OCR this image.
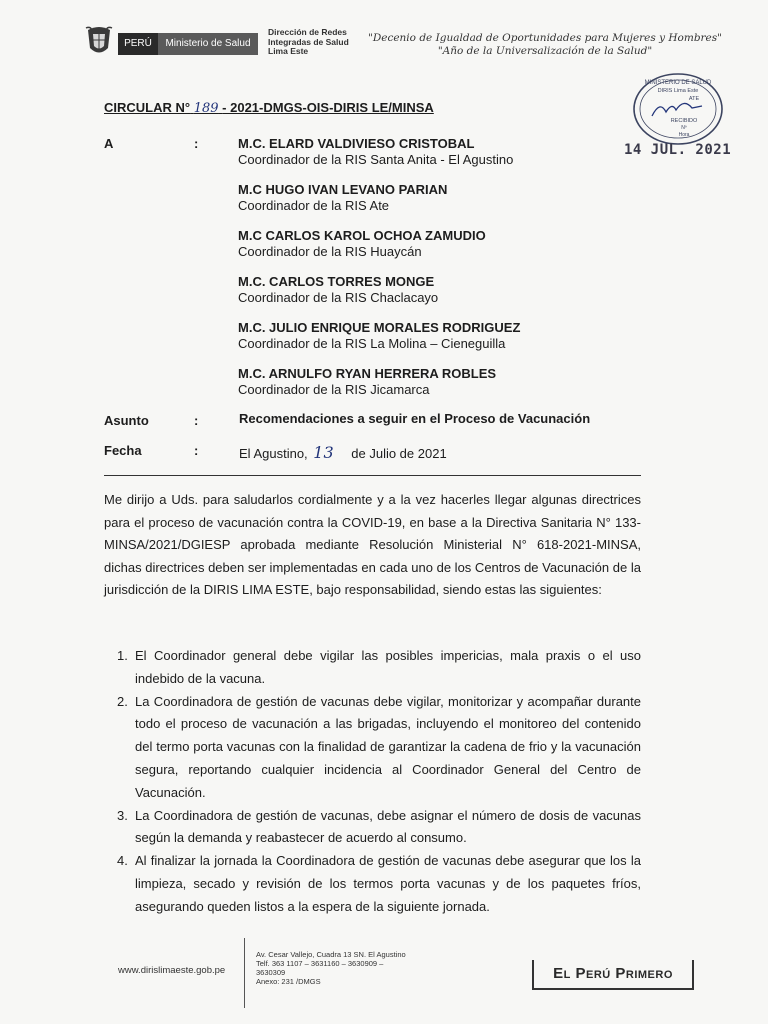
PERÚ	Ministerio de Salud
Dirección de Redes
Integradas de Salud
Lima Este
"Decenio de Igualdad de Oportunidades para Mujeres y Hombres"
"Año de la Universalización de la Salud"
CIRCULAR N° 189 - 2021-DMGS-OIS-DIRIS LE/MINSA
MINISTERIO DE SALUD
DIRIS Lima Este
ATE
RECIBIDO
Nº
Hora
14 JUL. 2021
A	:	M.C. ELARD VALDIVIESO CRISTOBAL
Coordinador de la RIS Santa Anita - El Agustino
M.C HUGO IVAN LEVANO PARIAN
Coordinador de la RIS Ate
M.C CARLOS KAROL OCHOA ZAMUDIO
Coordinador de la RIS Huaycán
M.C. CARLOS TORRES MONGE
Coordinador de la RIS Chaclacayo
M.C. JULIO ENRIQUE MORALES RODRIGUEZ
Coordinador de la RIS La Molina – Cieneguilla
M.C. ARNULFO RYAN HERRERA ROBLES
Coordinador de la RIS Jicamarca
Asunto	:	Recomendaciones a seguir en el Proceso de Vacunación
Fecha	:	El Agustino, 13 de Julio de 2021
Me dirijo a Uds. para saludarlos cordialmente y a la vez hacerles llegar algunas directrices para el proceso de vacunación contra la COVID-19, en base a la Directiva Sanitaria N° 133-MINSA/2021/DGIESP aprobada mediante Resolución Ministerial N° 618-2021-MINSA, dichas directrices deben ser implementadas en cada uno de los Centros de Vacunación de la jurisdicción de la DIRIS LIMA ESTE, bajo responsabilidad, siendo estas las siguientes:
1. El Coordinador general debe vigilar las posibles impericias, mala praxis o el uso indebido de la vacuna.
2. La Coordinadora de gestión de vacunas debe vigilar, monitorizar y acompañar durante todo el proceso de vacunación a las brigadas, incluyendo el monitoreo del contenido del termo porta vacunas con la finalidad de garantizar la cadena de frio y la vacunación segura, reportando cualquier incidencia al Coordinador General del Centro de Vacunación.
3. La Coordinadora de gestión de vacunas, debe asignar el número de dosis de vacunas según la demanda y reabastecer de acuerdo al consumo.
4. Al finalizar la jornada la Coordinadora de gestión de vacunas debe asegurar que los la limpieza, secado y revisión de los termos porta vacunas y de los paquetes fríos, asegurando queden listos a la espera de la siguiente jornada.
www.dirislimaeste.gob.pe
Av. Cesar Vallejo, Cuadra 13 SN. El Agustino
Telf. 363 1107 – 3631160 – 3630909 – 3630309
Anexo: 231 /DMGS	El Perú Primero
